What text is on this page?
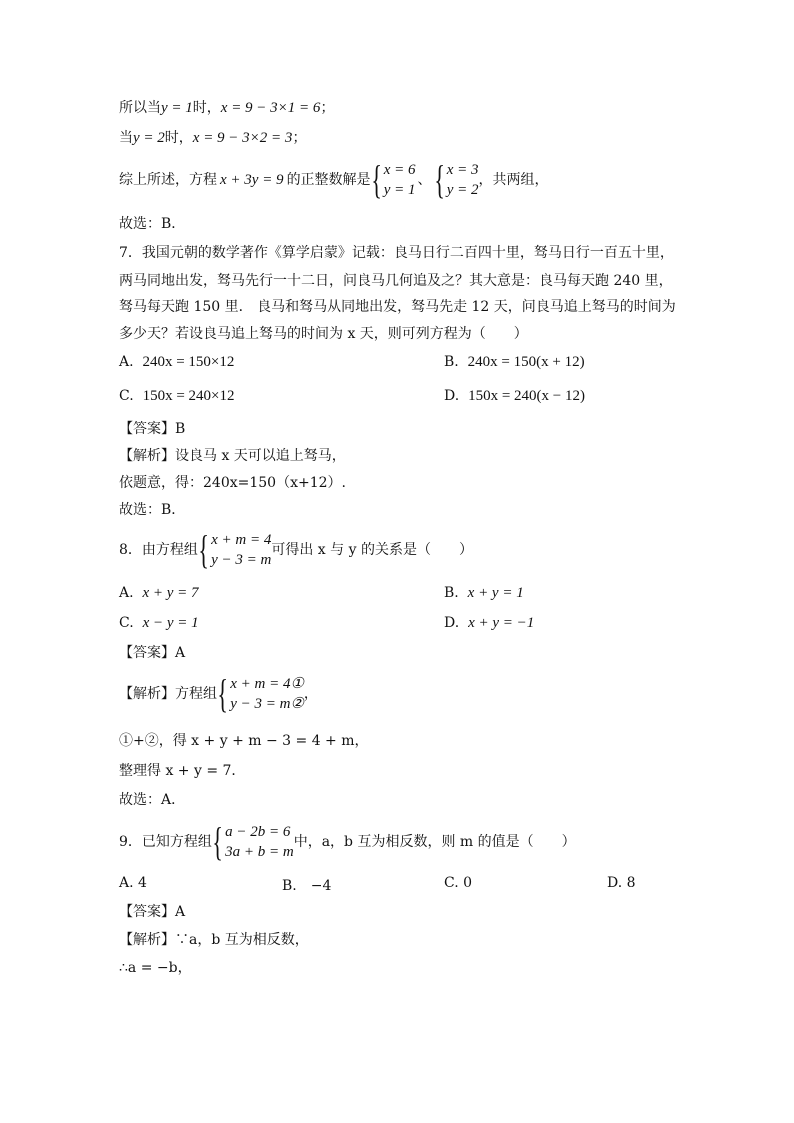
所以当y = 1时，x = 9 − 3×1 = 6；
当y = 2时，x = 9 − 3×2 = 3；
综上所述，方程 x + 3y = 9 的正整数解是 { x = 6
y = 1
、 { x = 3
y = 2
，共两组，
故选：B．
7．我国元朝的数学著作《算学启蒙》记载：良马日行二百四十里，驽马日行一百五十里，
两马同地出发，驽马先行一十二日，问良马几何追及之？其大意是：良马每天跑 240 里，
驽马每天跑 150 里． 良马和驽马从同地出发，驽马先走 12 天，问良马追上驽马的时间为
多少天？若设良马追上驽马的时间为 x 天，则可列方程为（　　）
A. 240x = 150×12	B. 240x = 150(x + 12)
C. 150x = 240×12	D. 150x = 240(x − 12)
【答案】B
【解析】设良马 x 天可以追上驽马，
依题意，得：240x=150（x+12）.
故选：B．
8．由方程组 { x + m = 4
y − 3 = m
可得出 x 与 y 的关系是（　　）
A. x + y = 7	B. x + y = 1
C. x − y = 1	D. x + y = −1
【答案】A
【解析】方程组 { x + m = 4①
y − 3 = m②
，
①+②，得 x + y + m − 3 = 4 + m，
整理得 x + y = 7．
故选：A．
9．已知方程组 { a − 2b = 6
3a + b = m
中，a，b 互为相反数，则 m 的值是（　　）
A. 4	B.　−4	C. 0	D. 8
【答案】A
【解析】∵a，b 互为相反数，
∴a = −b，
